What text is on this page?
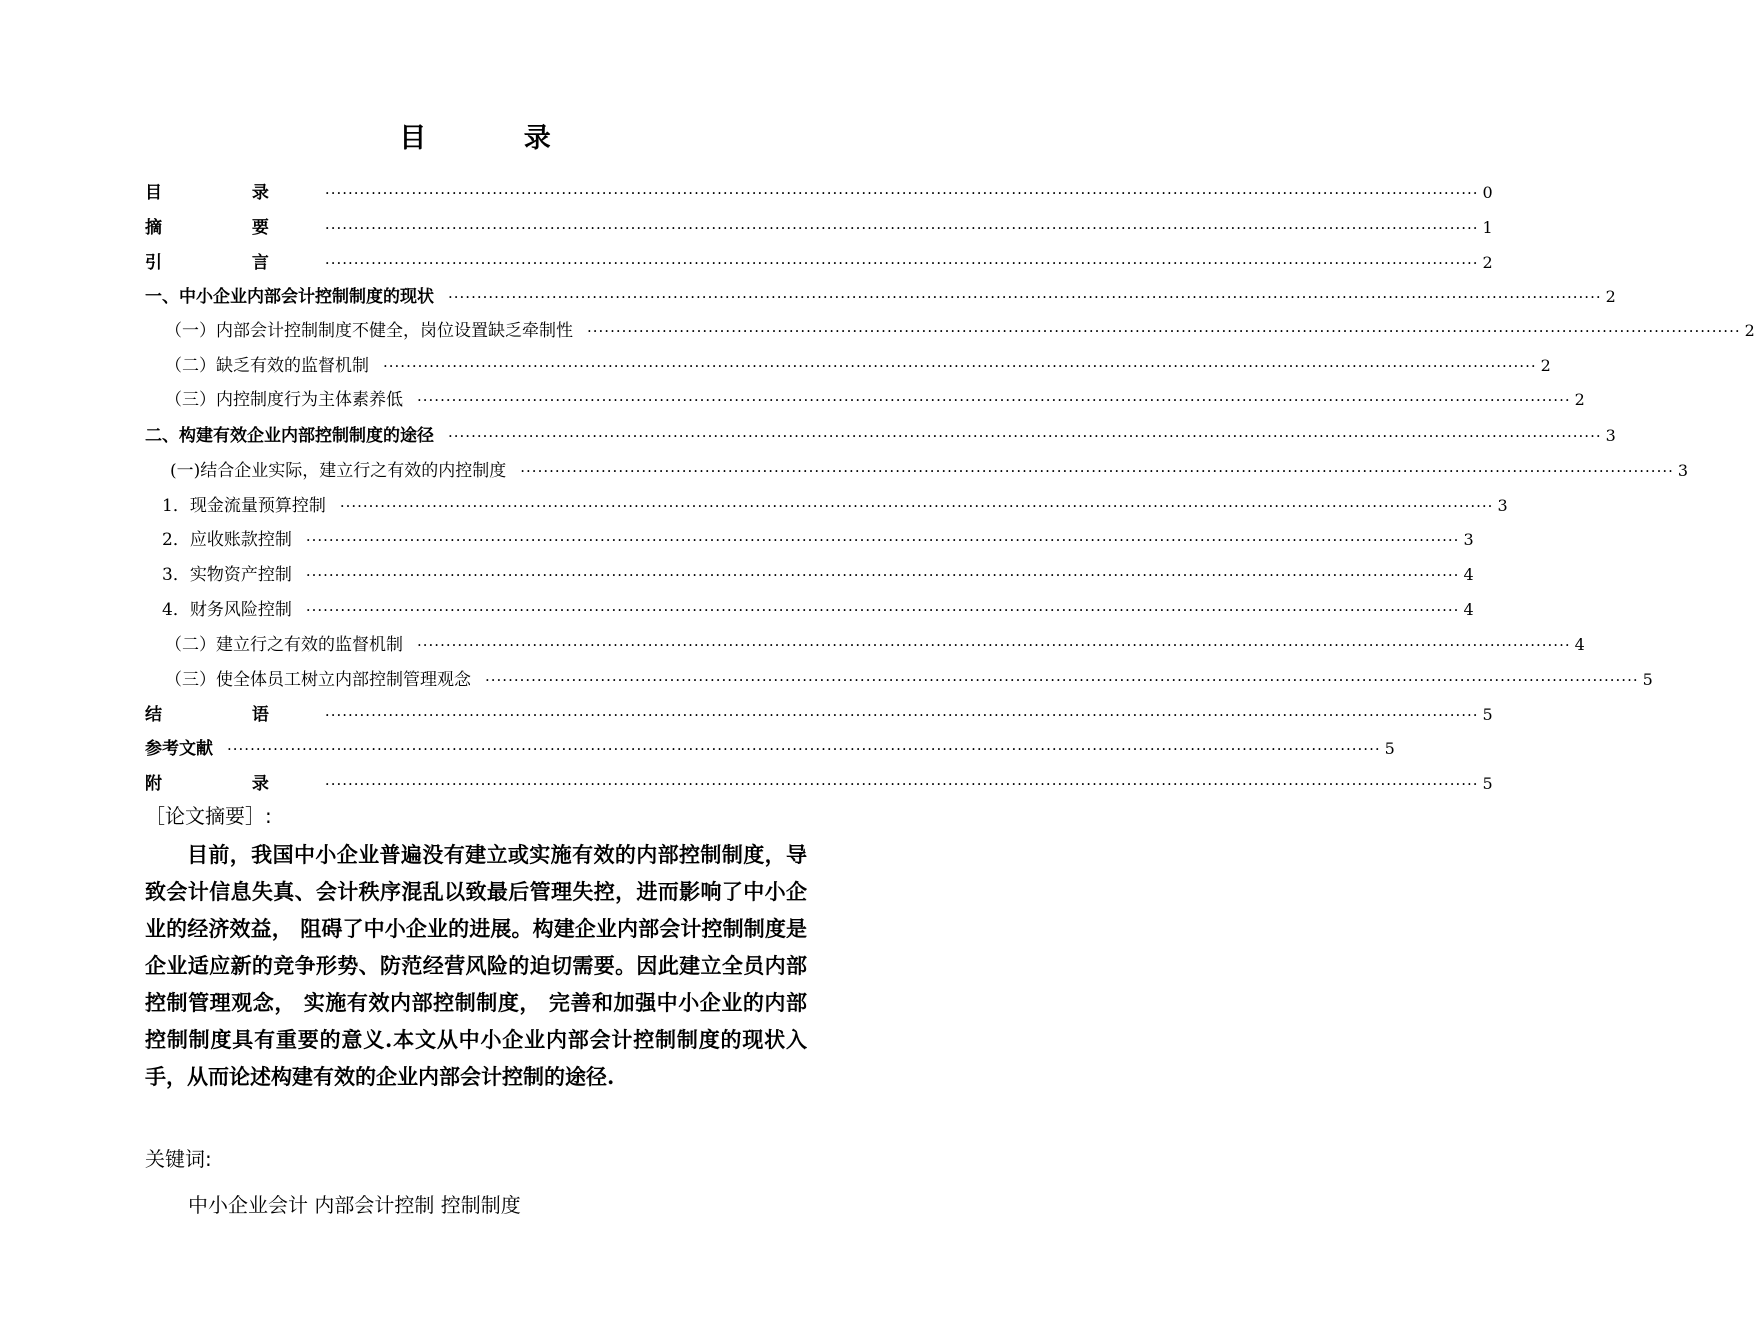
目 录
目 录 ········································································································································································································ 0
摘 要 ········································································································································································································ 1
引 言 ········································································································································································································ 2
一、中小企业内部会计控制制度的现状 ········································································································································································································ 2
（一）内部会计控制制度不健全，岗位设置缺乏牵制性 ········································································································································································································ 2
（二）缺乏有效的监督机制 ········································································································································································································ 2
（三）内控制度行为主体素养低 ········································································································································································································ 2
二、构建有效企业内部控制制度的途径 ········································································································································································································ 3
(一)结合企业实际，建立行之有效的内控制度 ········································································································································································································ 3
1．现金流量预算控制 ········································································································································································································ 3
2．应收账款控制 ········································································································································································································ 3
3．实物资产控制 ········································································································································································································ 4
4．财务风险控制 ········································································································································································································ 4
（二）建立行之有效的监督机制 ········································································································································································································ 4
（三）使全体员工树立内部控制管理观念 ········································································································································································································ 5
结 语 ········································································································································································································ 5
参考文献 ········································································································································································································ 5
附 录 ········································································································································································································ 5
［论文摘要］:

目前，我国中小企业普遍没有建立或实施有效的内部控制制度，导致会计信息失真、会计秩序混乱以致最后管理失控，进而影响了中小企业的经济效益， 阻碍了中小企业的进展。构建企业内部会计控制制度是企业适应新的竞争形势、防范经营风险的迫切需要。因此建立全员内部控制管理观念， 实施有效内部控制制度， 完善和加强中小企业的内部控制制度具有重要的意义.本文从中小企业内部会计控制制度的现状入手，从而论述构建有效的企业内部会计控制的途径.

关键词:
中小企业会计 内部会计控制 控制制度
